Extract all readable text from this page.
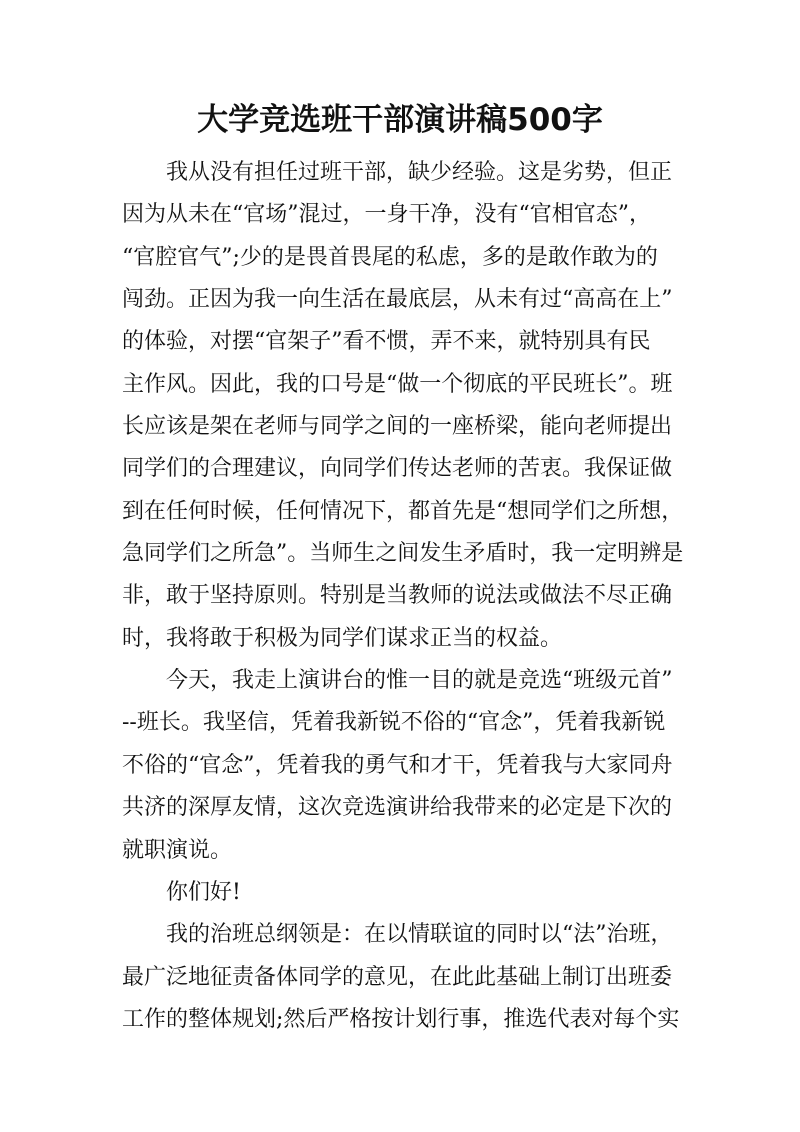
大学竞选班干部演讲稿500字
我从没有担任过班干部，缺少经验。这是劣势，但正
因为从未在“官场”混过，一身干净，没有“官相官态”，
“官腔官气”;少的是畏首畏尾的私虑，多的是敢作敢为的
闯劲。正因为我一向生活在最底层，从未有过“高高在上”
的体验，对摆“官架子”看不惯，弄不来，就特别具有民
主作风。因此，我的口号是“做一个彻底的平民班长”。班
长应该是架在老师与同学之间的一座桥梁，能向老师提出
同学们的合理建议，向同学们传达老师的苦衷。我保证做
到在任何时候，任何情况下，都首先是“想同学们之所想，
急同学们之所急”。当师生之间发生矛盾时，我一定明辨是
非，敢于坚持原则。特别是当教师的说法或做法不尽正确
时，我将敢于积极为同学们谋求正当的权益。
今天，我走上演讲台的惟一目的就是竞选“班级元首”
--班长。我坚信，凭着我新锐不俗的“官念”，凭着我新锐
不俗的“官念”，凭着我的勇气和才干，凭着我与大家同舟
共济的深厚友情，这次竞选演讲给我带来的必定是下次的
就职演说。
你们好!
我的治班总纲领是：在以情联谊的同时以“法”治班，
最广泛地征责备体同学的意见，在此此基础上制订出班委
工作的整体规划;然后严格按计划行事，推选代表对每个实
